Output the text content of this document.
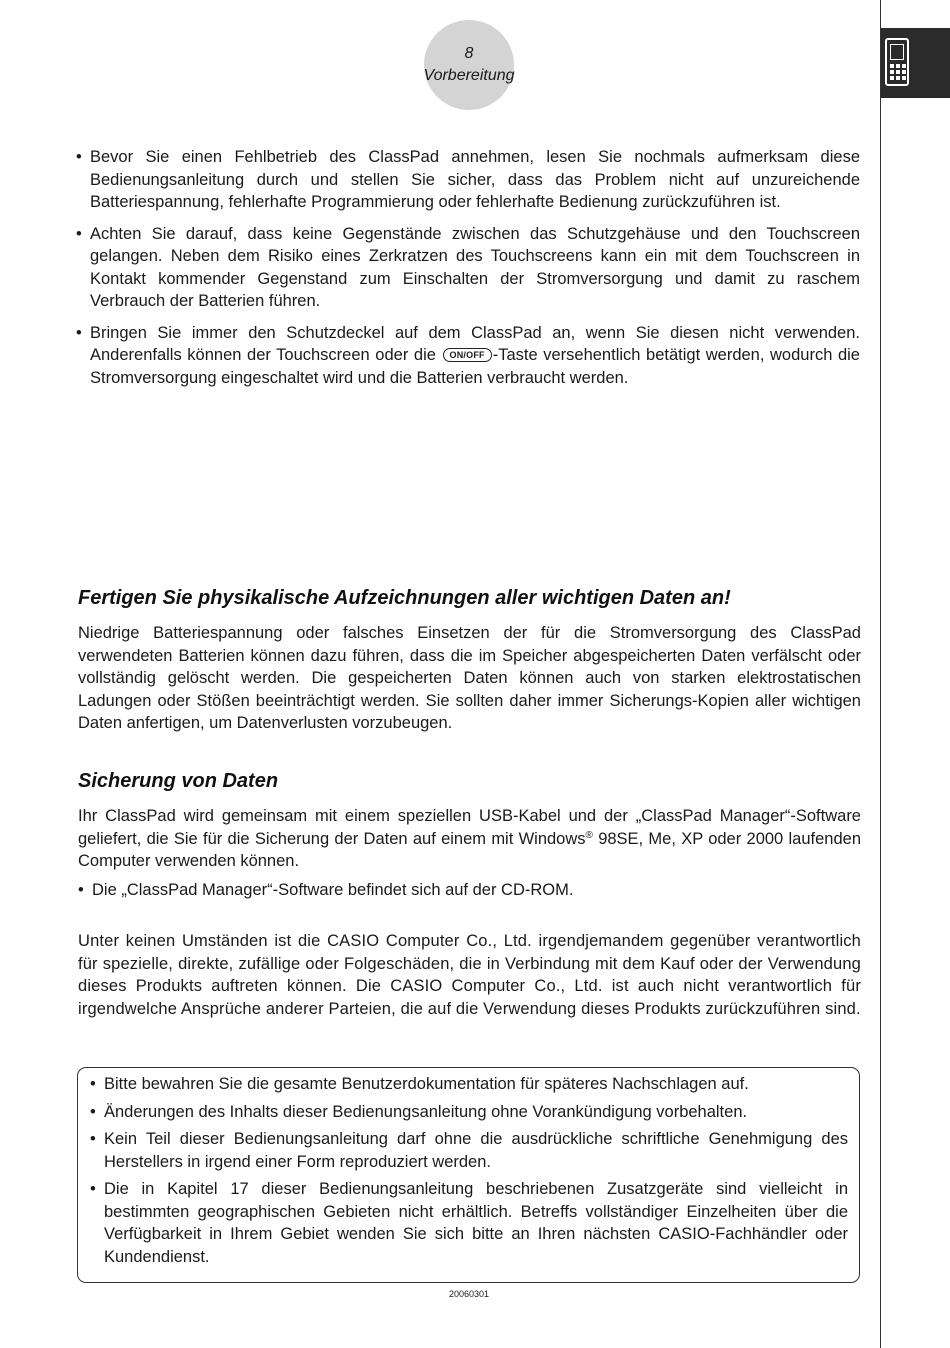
8
Vorbereitung
• Bevor Sie einen Fehlbetrieb des ClassPad annehmen, lesen Sie nochmals aufmerksam diese Bedienungsanleitung durch und stellen Sie sicher, dass das Problem nicht auf unzureichende Batteriespannung, fehlerhafte Programmierung oder fehlerhafte Bedienung zurückzuführen ist.
• Achten Sie darauf, dass keine Gegenstände zwischen das Schutzgehäuse und den Touchscreen gelangen. Neben dem Risiko eines Zerkratzen des Touchscreens kann ein mit dem Touchscreen in Kontakt kommender Gegenstand zum Einschalten der Stromversorgung und damit zu raschem Verbrauch der Batterien führen.
• Bringen Sie immer den Schutzdeckel auf dem ClassPad an, wenn Sie diesen nicht verwenden. Anderenfalls können der Touchscreen oder die ON/OFF -Taste versehentlich betätigt werden, wodurch die Stromversorgung eingeschaltet wird und die Batterien verbraucht werden.
Fertigen Sie physikalische Aufzeichnungen aller wichtigen Daten an!
Niedrige Batteriespannung oder falsches Einsetzen der für die Stromversorgung des ClassPad verwendeten Batterien können dazu führen, dass die im Speicher abgespeicherten Daten verfälscht oder vollständig gelöscht werden. Die gespeicherten Daten können auch von starken elektrostatischen Ladungen oder Stößen beeinträchtigt werden. Sie sollten daher immer Sicherungs-Kopien aller wichtigen Daten anfertigen, um Datenverlusten vorzubeugen.
Sicherung von Daten
Ihr ClassPad wird gemeinsam mit einem speziellen USB-Kabel und der „ClassPad Manager“-Software geliefert, die Sie für die Sicherung der Daten auf einem mit Windows® 98SE, Me, XP oder 2000 laufenden Computer verwenden können.
• Die „ClassPad Manager“-Software befindet sich auf der CD-ROM.
Unter keinen Umständen ist die CASIO Computer Co., Ltd. irgendjemandem gegenüber verantwortlich für spezielle, direkte, zufällige oder Folgeschäden, die in Verbindung mit dem Kauf oder der Verwendung dieses Produkts auftreten können. Die CASIO Computer Co., Ltd. ist auch nicht verantwortlich für irgendwelche Ansprüche anderer Parteien, die auf die Verwendung dieses Produkts zurückzuführen sind.
• Bitte bewahren Sie die gesamte Benutzerdokumentation für späteres Nachschlagen auf.
• Änderungen des Inhalts dieser Bedienungsanleitung ohne Vorankündigung vorbehalten.
• Kein Teil dieser Bedienungsanleitung darf ohne die ausdrückliche schriftliche Genehmigung des Herstellers in irgend einer Form reproduziert werden.
• Die in Kapitel 17 dieser Bedienungsanleitung beschriebenen Zusatzgeräte sind vielleicht in bestimmten geographischen Gebieten nicht erhältlich. Betreffs vollständiger Einzelheiten über die Verfügbarkeit in Ihrem Gebiet wenden Sie sich bitte an Ihren nächsten CASIO-Fachhändler oder Kundendienst.
20060301
